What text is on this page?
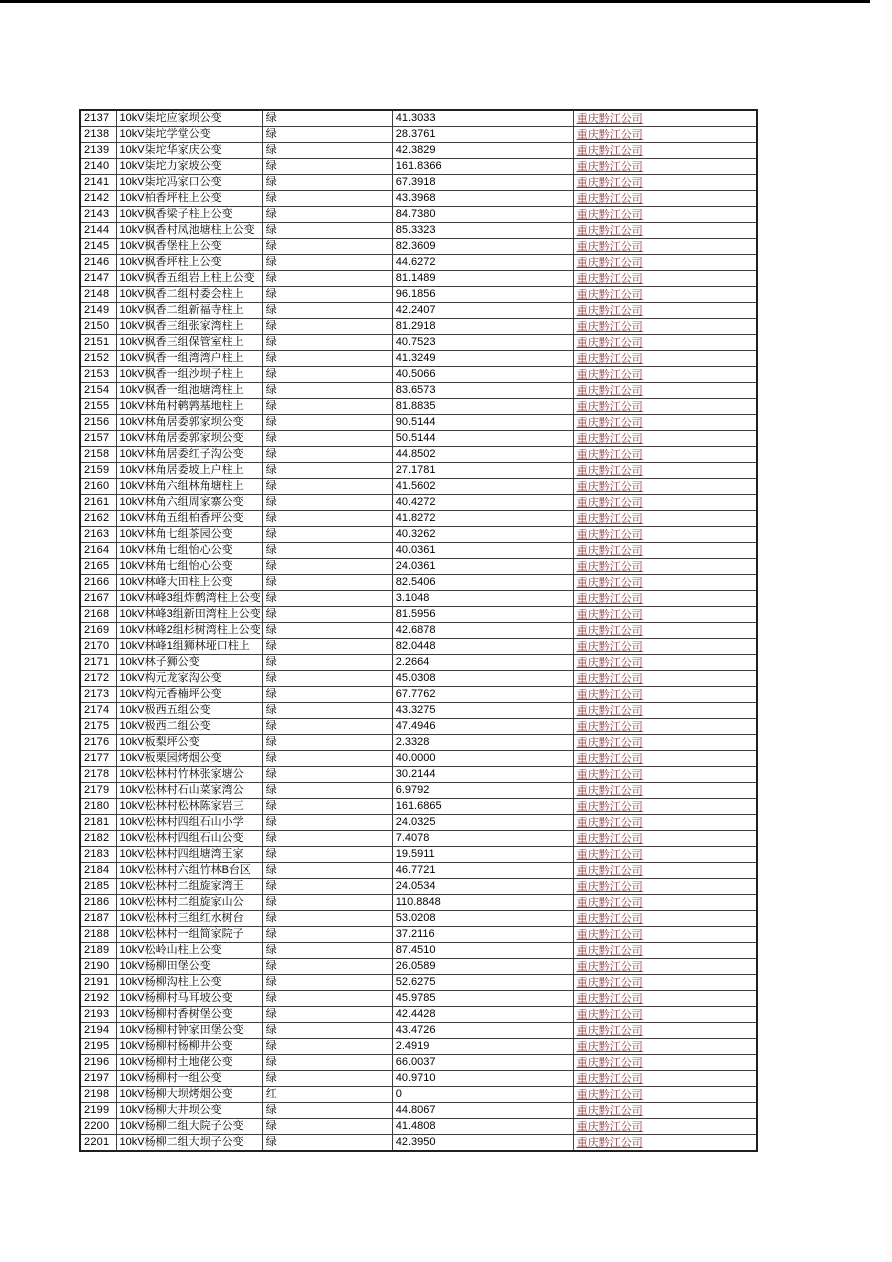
2137	10kV柒坨应家坝公变	绿	41.3033	重庆黔江公司
2138	10kV柒坨学堂公变	绿	28.3761	重庆黔江公司
2139	10kV柒坨华家庆公变	绿	42.3829	重庆黔江公司
2140	10kV柒坨力家坡公变	绿	161.8366	重庆黔江公司
2141	10kV柒坨冯家口公变	绿	67.3918	重庆黔江公司
2142	10kV柏香坪柱上公变	绿	43.3968	重庆黔江公司
2143	10kV枫香梁子柱上公变	绿	84.7380	重庆黔江公司
2144	10kV枫香村凤池塘柱上公变	绿	85.3323	重庆黔江公司
2145	10kV枫香堡柱上公变	绿	82.3609	重庆黔江公司
2146	10kV枫香坪柱上公变	绿	44.6272	重庆黔江公司
2147	10kV枫香五组岩上柱上公变	绿	81.1489	重庆黔江公司
2148	10kV枫香二组村委会柱上	绿	96.1856	重庆黔江公司
2149	10kV枫香二组新福寺柱上	绿	42.2407	重庆黔江公司
2150	10kV枫香三组张家湾柱上	绿	81.2918	重庆黔江公司
2151	10kV枫香三组保管室柱上	绿	40.7523	重庆黔江公司
2152	10kV枫香一组湾湾户柱上	绿	41.3249	重庆黔江公司
2153	10kV枫香一组沙坝子柱上	绿	40.5066	重庆黔江公司
2154	10kV枫香一组池塘湾柱上	绿	83.6573	重庆黔江公司
2155	10kV林角村鹌鹑基地柱上	绿	81.8835	重庆黔江公司
2156	10kV林角居委郭家坝公变	绿	90.5144	重庆黔江公司
2157	10kV林角居委郭家坝公变	绿	50.5144	重庆黔江公司
2158	10kV林角居委红子沟公变	绿	44.8502	重庆黔江公司
2159	10kV林角居委坡上户柱上	绿	27.1781	重庆黔江公司
2160	10kV林角六组林角塘柱上	绿	41.5602	重庆黔江公司
2161	10kV林角六组周家寨公变	绿	40.4272	重庆黔江公司
2162	10kV林角五组柏香坪公变	绿	41.8272	重庆黔江公司
2163	10kV林角七组茶园公变	绿	40.3262	重庆黔江公司
2164	10kV林角七组怡心公变	绿	40.0361	重庆黔江公司
2165	10kV林角七组怡心公变	绿	24.0361	重庆黔江公司
2166	10kV林峰大田柱上公变	绿	82.5406	重庆黔江公司
2167	10kV林峰3组炸鹩湾柱上公变	绿	3.1048	重庆黔江公司
2168	10kV林峰3组新田湾柱上公变	绿	81.5956	重庆黔江公司
2169	10kV林峰2组杉树湾柱上公变	绿	42.6878	重庆黔江公司
2170	10kV林峰1组狮林垭口柱上	绿	82.0448	重庆黔江公司
2171	10kV林子狮公变	绿	2.2664	重庆黔江公司
2172	10kV构元龙家沟公变	绿	45.0308	重庆黔江公司
2173	10kV构元香楠坪公变	绿	67.7762	重庆黔江公司
2174	10kV极西五组公变	绿	43.3275	重庆黔江公司
2175	10kV极西二组公变	绿	47.4946	重庆黔江公司
2176	10kV板梨坪公变	绿	2.3328	重庆黔江公司
2177	10kV板栗园烤烟公变	绿	40.0000	重庆黔江公司
2178	10kV松林村竹林张家塘公	绿	30.2144	重庆黔江公司
2179	10kV松林村石山菜家湾公	绿	6.9792	重庆黔江公司
2180	10kV松林村松林陈家岩三	绿	161.6865	重庆黔江公司
2181	10kV松林村四组石山小学	绿	24.0325	重庆黔江公司
2182	10kV松林村四组石山公变	绿	7.4078	重庆黔江公司
2183	10kV松林村四组塘湾王家	绿	19.5911	重庆黔江公司
2184	10kV松林村六组竹林B台区	绿	46.7721	重庆黔江公司
2185	10kV松林村二组旋家湾王	绿	24.0534	重庆黔江公司
2186	10kV松林村二组旋家山公	绿	110.8848	重庆黔江公司
2187	10kV松林村三组红水树台	绿	53.0208	重庆黔江公司
2188	10kV松林村一组简家院子	绿	37.2116	重庆黔江公司
2189	10kV松岭山柱上公变	绿	87.4510	重庆黔江公司
2190	10kV杨柳田堡公变	绿	26.0589	重庆黔江公司
2191	10kV杨柳沟柱上公变	绿	52.6275	重庆黔江公司
2192	10kV杨柳村马耳坡公变	绿	45.9785	重庆黔江公司
2193	10kV杨柳村香树堡公变	绿	42.4428	重庆黔江公司
2194	10kV杨柳村钟家田堡公变	绿	43.4726	重庆黔江公司
2195	10kV杨柳村杨柳井公变	绿	2.4919	重庆黔江公司
2196	10kV杨柳村土地佬公变	绿	66.0037	重庆黔江公司
2197	10kV杨柳村一组公变	绿	40.9710	重庆黔江公司
2198	10kV杨柳大坝烤烟公变	红	0	重庆黔江公司
2199	10kV杨柳大井坝公变	绿	44.8067	重庆黔江公司
2200	10kV杨柳二组大院子公变	绿	41.4808	重庆黔江公司
2201	10kV杨柳二组大坝子公变	绿	42.3950	重庆黔江公司
